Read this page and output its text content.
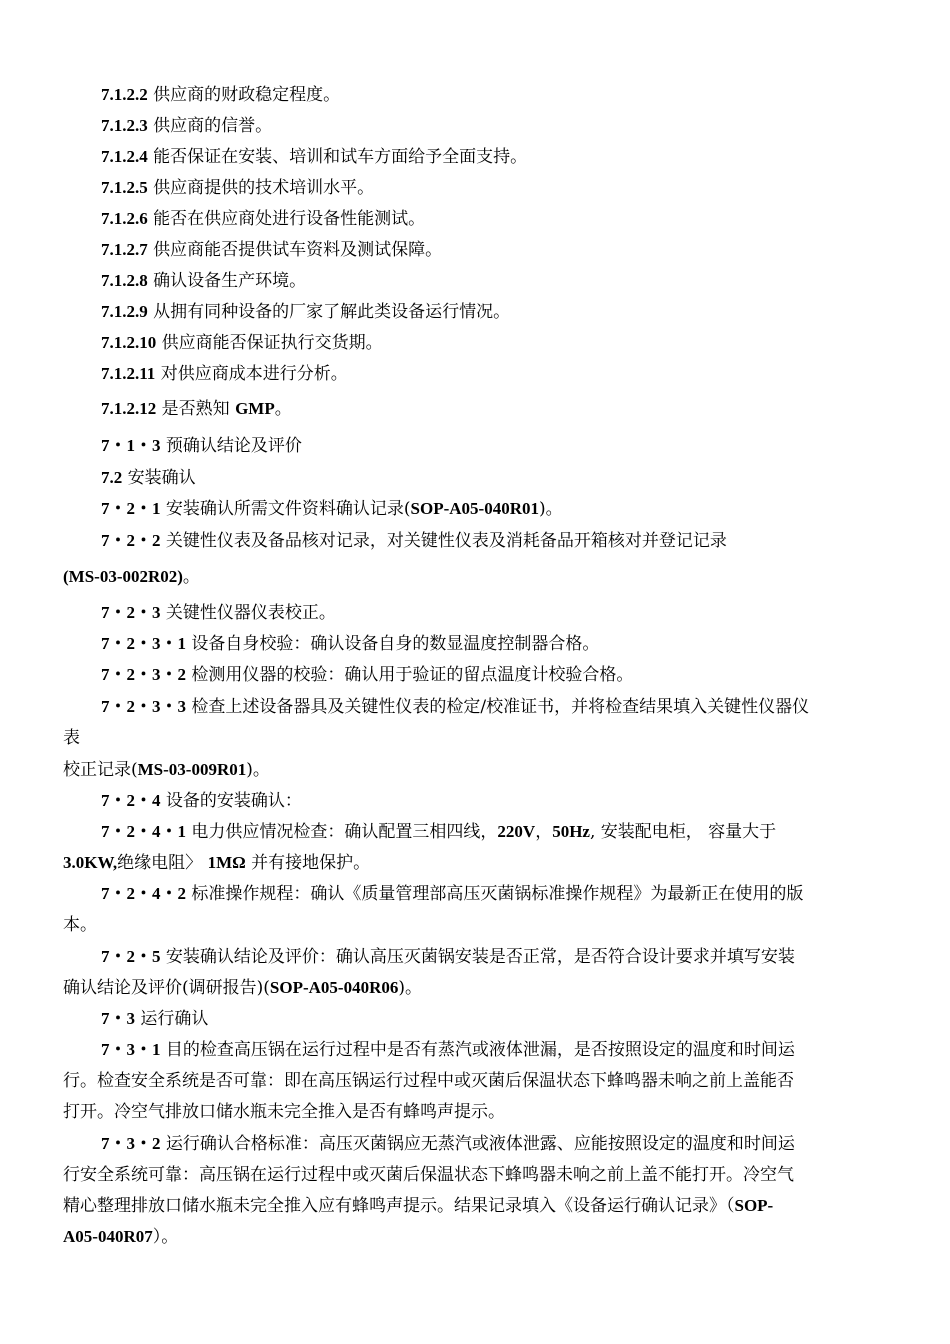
7.1.2.2 供应商的财政稳定程度。
7.1.2.3 供应商的信誉。
7.1.2.4 能否保证在安装、培训和试车方面给予全面支持。
7.1.2.5 供应商提供的技术培训水平。
7.1.2.6 能否在供应商处进行设备性能测试。
7.1.2.7 供应商能否提供试车资料及测试保障。
7.1.2.8 确认设备生产环境。
7.1.2.9 从拥有同种设备的厂家了解此类设备运行情况。
7.1.2.10 供应商能否保证执行交货期。
7.1.2.11 对供应商成本进行分析。
7.1.2.12 是否熟知 GMP。
7・1・3 预确认结论及评价
7.2 安装确认
7・2・1 安装确认所需文件资料确认记录(SOP-A05-040R01)。
7・2・2 关键性仪表及备品核对记录，对关键性仪表及消耗备品开箱核对并登记记录
(MS-03-002R02)。
7・2・3 关键性仪器仪表校正。
7・2・3・1 设备自身校验：确认设备自身的数显温度控制器合格。
7・2・3・2 检测用仪器的校验：确认用于验证的留点温度计校验合格。
7・2・3・3 检查上述设备器具及关键性仪表的检定/校准证书，并将检查结果填入关键性仪器仪
表
校正记录(MS-03-009R01)。
7・2・4 设备的安装确认：
7・2・4・1 电力供应情况检查：确认配置三相四线，220V，50Hz, 安装配电柜， 容量大于
3.0KW,绝缘电阻〉 1MΩ 并有接地保护。
7・2・4・2 标准操作规程：确认《质量管理部高压灭菌锅标准操作规程》为最新正在使用的版
本。
7・2・5 安装确认结论及评价：确认高压灭菌锅安装是否正常，是否符合设计要求并填写安装
确认结论及评价(调研报告)(SOP-A05-040R06)。
7・3 运行确认
7・3・1 目的检查高压锅在运行过程中是否有蒸汽或液体泄漏，是否按照设定的温度和时间运
行。检查安全系统是否可靠：即在高压锅运行过程中或灭菌后保温状态下蜂鸣器未响之前上盖能否
打开。冷空气排放口储水瓶未完全推入是否有蜂鸣声提示。
7・3・2 运行确认合格标准：高压灭菌锅应无蒸汽或液体泄露、应能按照设定的温度和时间运
行安全系统可靠：高压锅在运行过程中或灭菌后保温状态下蜂鸣器未响之前上盖不能打开。冷空气
精心整理排放口储水瓶未完全推入应有蜂鸣声提示。结果记录填入《设备运行确认记录》（SOP-
A05-040R07）。
